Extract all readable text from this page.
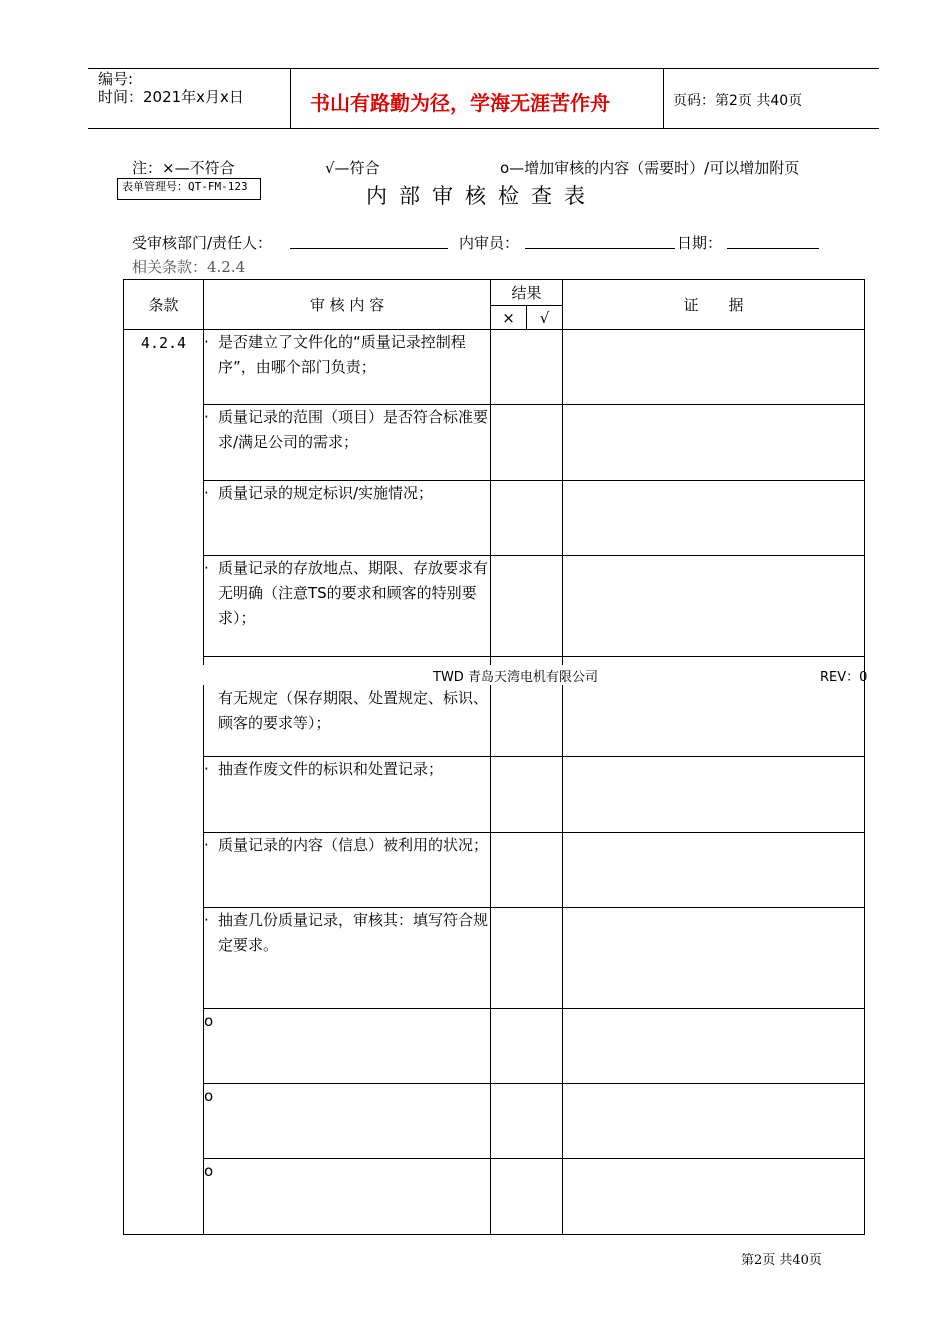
编号:
时间：2021年x月x日	书山有路勤为径，学海无涯苦作舟	页码：第2页 共40页
注：×—不符合	√—符合	ο—增加审核的内容（需要时）/可以增加附页
表单管理号：QT-FM-123	内部审核检查表
受审核部门/责任人：	内审员：	日期：
相关条款：4.2.4
条款	审 核 内 容	结果		证　　据
		×	√	
4.2.4	· 是否建立了文件化的“质量记录控制程序”，由哪个部门负责；			

	· 质量记录的范围（项目）是否符合标准要求/满足公司的需求；			

	· 质量记录的规定标识/实施情况；			

	· 质量记录的存放地点、期限、存放要求有无明确（注意TS的要求和顾客的特别要求）；			

	有无规定（保存期限、处置规定、标识、顾客的要求等）；			

	· 抽查作废文件的标识和处置记录；			

	· 质量记录的内容（信息）被利用的状况；			

	· 抽查几份质量记录，审核其：填写符合规定要求。			

	ο			
	ο			
	ο			
TWD 青岛天湾电机有限公司	REV：0
第2页 共40页
